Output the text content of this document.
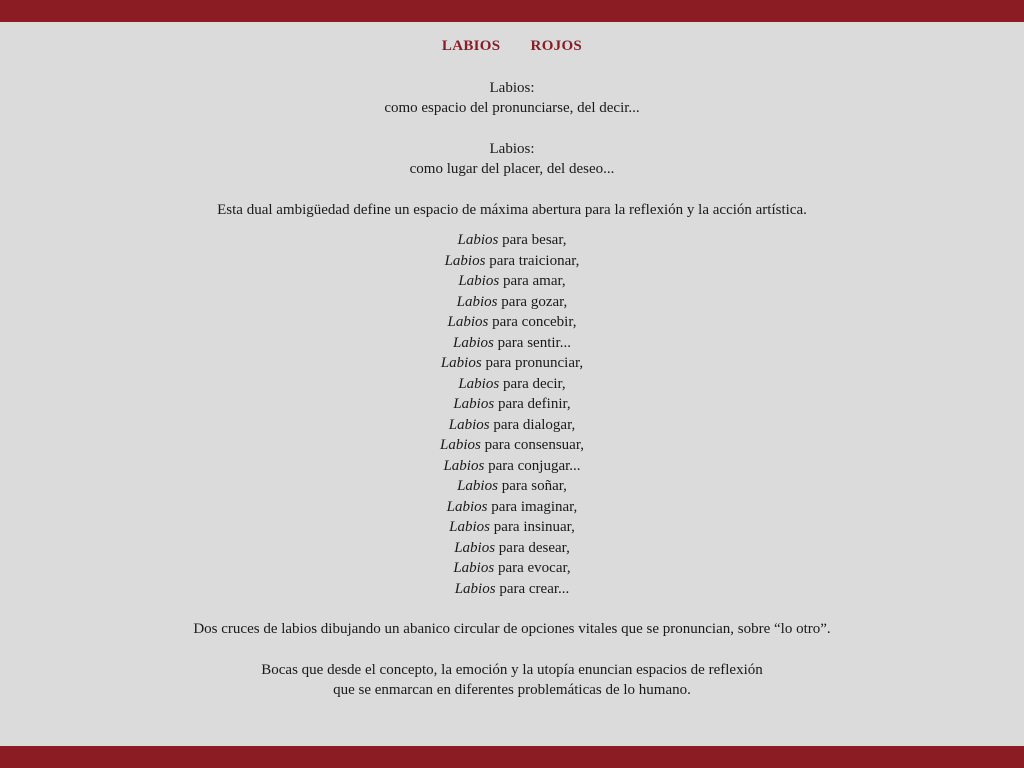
LABIOS   ROJOS
Labios:
como espacio del pronunciarse, del decir...
Labios:
como lugar del placer, del deseo...
Esta dual ambigüedad define un espacio de máxima abertura para la reflexión y la acción artística.
Labios para besar,
Labios para traicionar,
Labios para amar,
Labios para gozar,
Labios para concebir,
Labios para sentir...
Labios para pronunciar,
Labios para decir,
Labios para definir,
Labios para dialogar,
Labios para consensuar,
Labios para conjugar...
Labios para soñar,
Labios para imaginar,
Labios para insinuar,
Labios para desear,
Labios para evocar,
Labios para crear...
Dos cruces de labios dibujando un abanico circular de opciones vitales que se pronuncian, sobre “lo otro”.
Bocas que desde el concepto, la emoción y la utopía enuncian espacios de reflexión
que se enmarcan en diferentes problemáticas de lo humano.
